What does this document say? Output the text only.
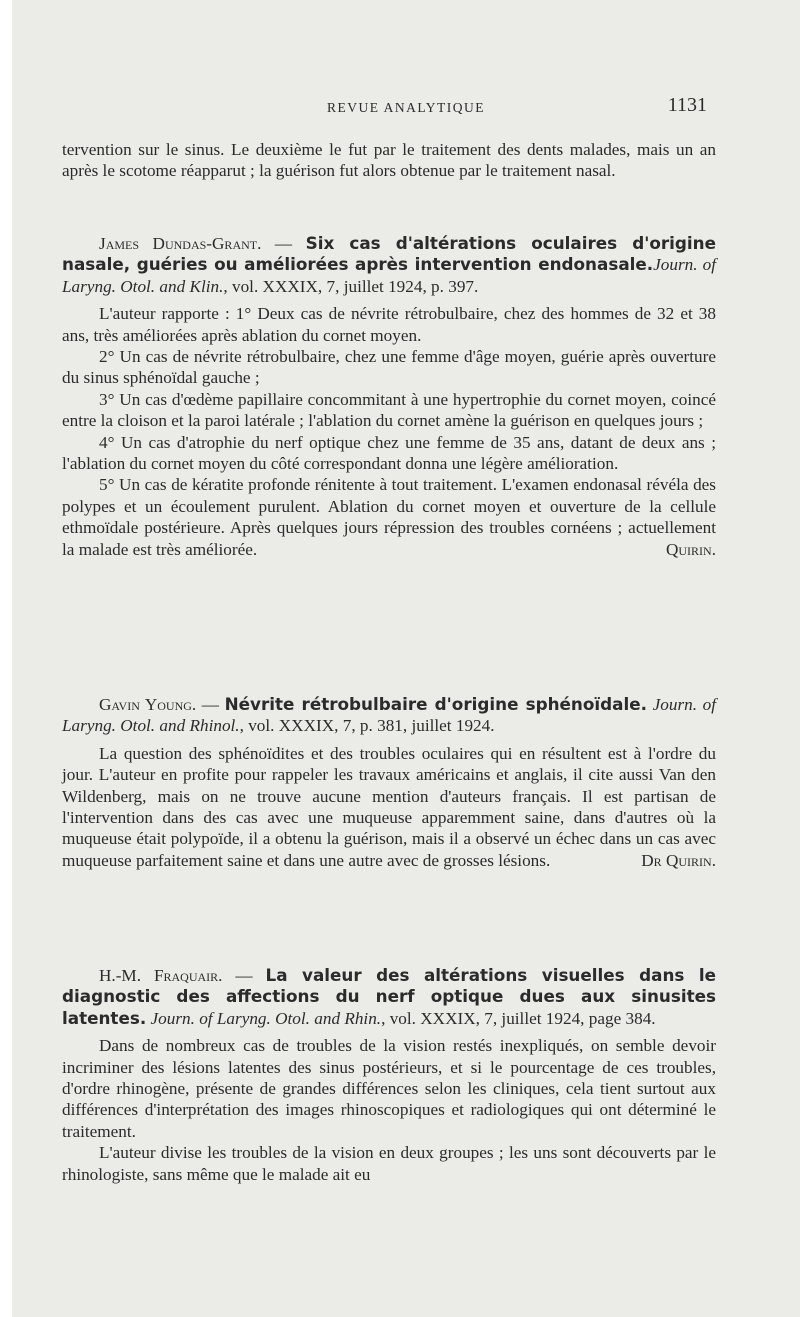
REVUE ANALYTIQUE	1131

tervention sur le sinus. Le deuxième le fut par le traitement des dents malades, mais un an après le scotome réapparut ; la guérison fut alors obtenue par le traitement nasal.

James Dundas-Grant. — Six cas d'altérations oculaires d'origine nasale, guéries ou améliorées après intervention endonasale.Journ. of Laryng. Otol. and Klin., vol. XXXIX, 7, juillet 1924, p. 397.

L'auteur rapporte : 1° Deux cas de névrite rétrobulbaire, chez des hommes de 32 et 38 ans, très améliorées après ablation du cornet moyen.

2° Un cas de névrite rétrobulbaire, chez une femme d'âge moyen, guérie après ouverture du sinus sphénoïdal gauche ;

3° Un cas d'œdème papillaire concommitant à une hypertrophie du cornet moyen, coincé entre la cloison et la paroi latérale ; l'ablation du cornet amène la guérison en quelques jours ;

4° Un cas d'atrophie du nerf optique chez une femme de 35 ans, datant de deux ans ; l'ablation du cornet moyen du côté correspondant donna une légère amélioration.

5° Un cas de kératite profonde rénitente à tout traitement. L'examen endonasal révéla des polypes et un écoulement purulent. Ablation du cornet moyen et ouverture de la cellule ethmoïdale postérieure. Après quelques jours répression des troubles cornéens ; actuellement la malade est très améliorée.	Quirin.

Gavin Young. — Névrite rétrobulbaire d'origine sphénoïdale. Journ. of Laryng. Otol. and Rhinol., vol. XXXIX, 7, p. 381, juillet 1924.

La question des sphénoïdites et des troubles oculaires qui en résultent est à l'ordre du jour. L'auteur en profite pour rappeler les travaux américains et anglais, il cite aussi Van den Wildenberg, mais on ne trouve aucune mention d'auteurs français. Il est partisan de l'intervention dans des cas avec une muqueuse apparemment saine, dans d'autres où la muqueuse était polypoïde, il a obtenu la guérison, mais il a observé un échec dans un cas avec muqueuse parfaitement saine et dans une autre avec de grosses lésions.	Dr Quirin.

H.-M. Fraquair. — La valeur des altérations visuelles dans le diagnostic des affections du nerf optique dues aux sinusites latentes. Journ. of Laryng. Otol. and Rhin., vol. XXXIX, 7, juillet 1924, page 384.

Dans de nombreux cas de troubles de la vision restés inexpliqués, on semble devoir incriminer des lésions latentes des sinus postérieurs, et si le pourcentage de ces troubles, d'ordre rhinogène, présente de grandes différences selon les cliniques, cela tient surtout aux différences d'interprétation des images rhinoscopiques et radiologiques qui ont déterminé le traitement.

L'auteur divise les troubles de la vision en deux groupes ; les uns sont découverts par le rhinologiste, sans même que le malade ait eu
